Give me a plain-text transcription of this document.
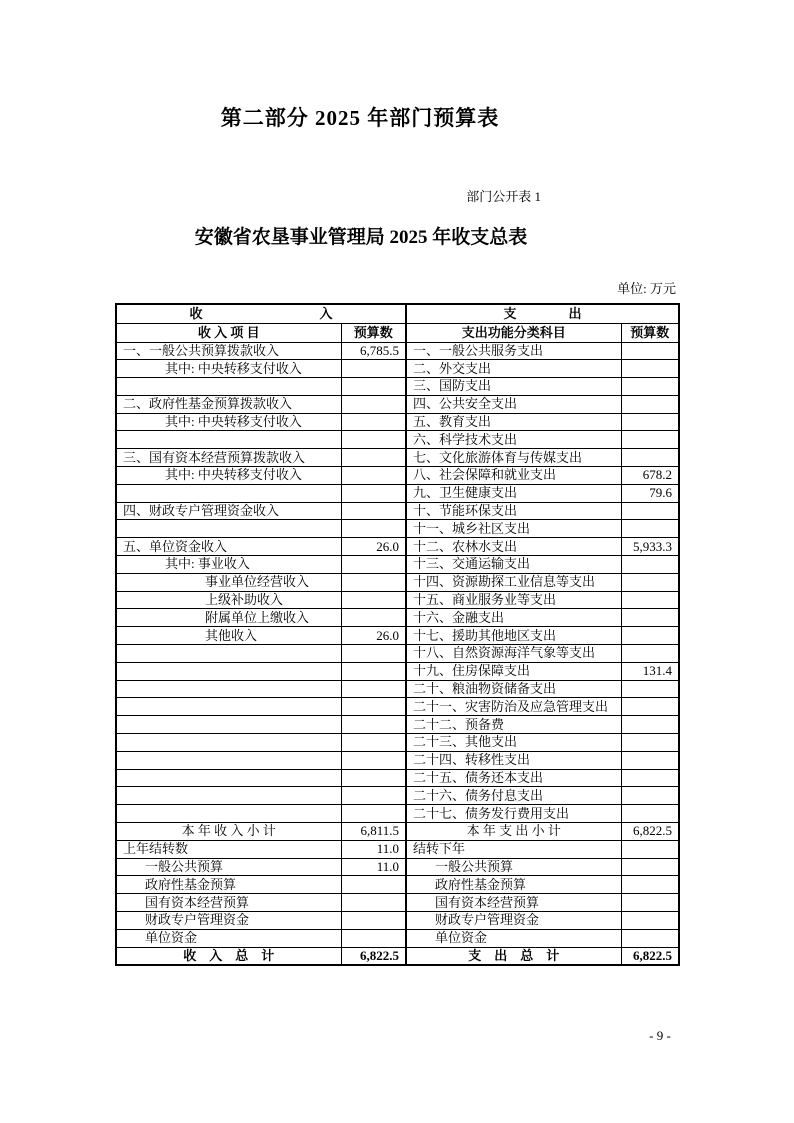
第二部分 2025 年部门预算表
部门公开表 1
安徽省农垦事业管理局 2025 年收支总表
单位: 万元
收　　　　　　　　　入		支　　　　出	
收 入 项 目	预算数	支出功能分类科目	预算数
一、一般公共预算拨款收入	6,785.5	一、一般公共服务支出	
其中: 中央转移支付收入		二、外交支出	
		三、国防支出	
二、政府性基金预算拨款收入		四、公共安全支出	
其中: 中央转移支付收入		五、教育支出	
		六、科学技术支出	
三、国有资本经营预算拨款收入		七、文化旅游体育与传媒支出	
其中: 中央转移支付收入		八、社会保障和就业支出	678.2
		九、卫生健康支出	79.6
四、财政专户管理资金收入		十、节能环保支出	
		十一、城乡社区支出	
五、单位资金收入	26.0	十二、农林水支出	5,933.3
其中: 事业收入		十三、交通运输支出	
事业单位经营收入		十四、资源勘探工业信息等支出	
上级补助收入		十五、商业服务业等支出	
附属单位上缴收入		十六、金融支出	
其他收入	26.0	十七、援助其他地区支出	
		十八、自然资源海洋气象等支出	
		十九、住房保障支出	131.4
		二十、粮油物资储备支出	
		二十一、灾害防治及应急管理支出	
		二十二、预备费	
		二十三、其他支出	
		二十四、转移性支出	
		二十五、债务还本支出	
		二十六、债务付息支出	
		二十七、债务发行费用支出	
本 年 收 入 小 计	6,811.5	本 年 支 出 小 计	6,822.5
上年结转数	11.0	结转下年	
一般公共预算	11.0	一般公共预算	
政府性基金预算		政府性基金预算	
国有资本经营预算		国有资本经营预算	
财政专户管理资金		财政专户管理资金	
单位资金		单位资金	
收　入　总　计	6,822.5	支　出　总　计	6,822.5
- 9 -
